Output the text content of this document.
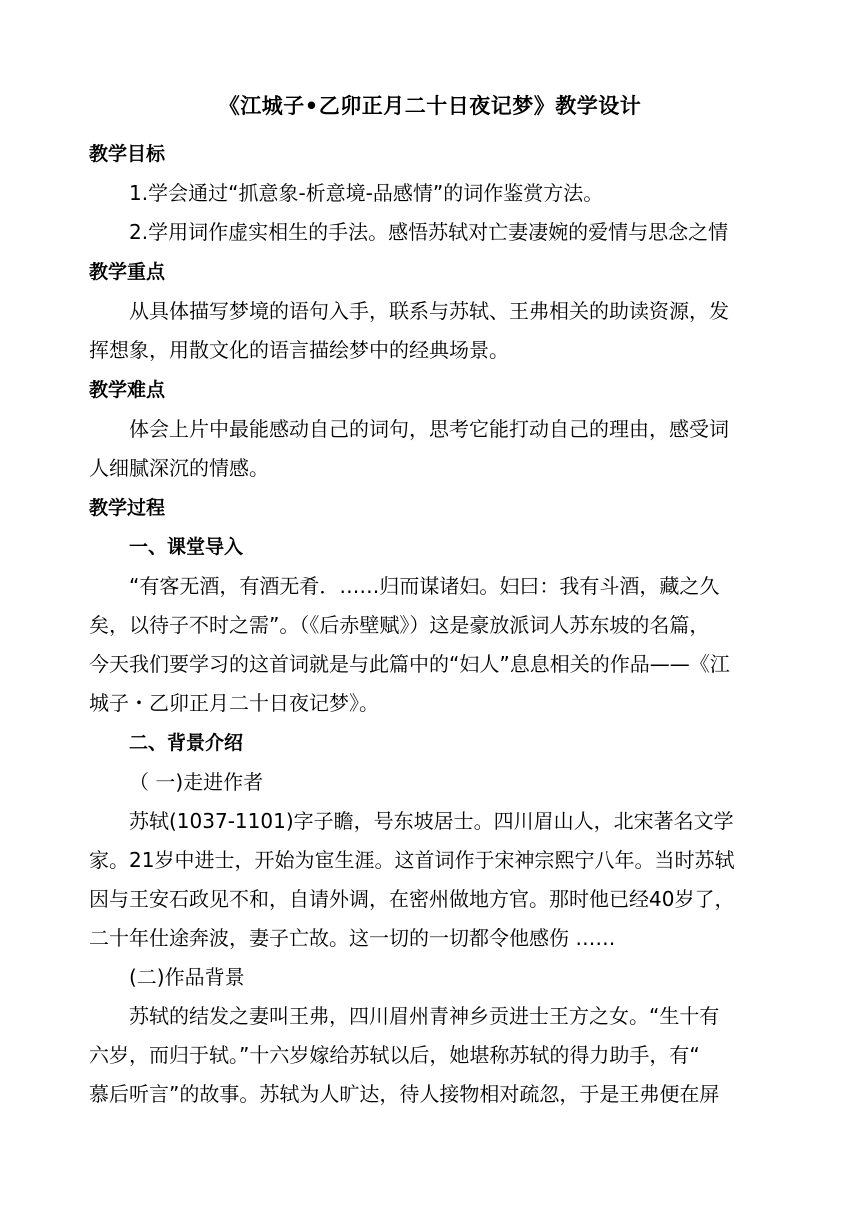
《江城子•乙卯正月二十日夜记梦》教学设计
教学目标
1.学会通过“抓意象-析意境-品感情”的词作鉴赏方法。
2.学用词作虚实相生的手法。感悟苏轼对亡妻凄婉的爱情与思念之情
教学重点
从具体描写梦境的语句入手，联系与苏轼、王弗相关的助读资源，发
挥想象，用散文化的语言描绘梦中的经典场景。
教学难点
体会上片中最能感动自己的词句，思考它能打动自己的理由，感受词
人细腻深沉的情感。
教学过程
一、课堂导入
“有客无酒，有酒无肴．……归而谋诸妇。妇曰：我有斗酒，藏之久
矣，以待子不时之需”。（《后赤壁赋》）这是豪放派词人苏东坡的名篇，
今天我们要学习的这首词就是与此篇中的“妇人”息息相关的作品——《江
城子・乙卯正月二十日夜记梦》。
二、背景介绍
（ 一)走进作者
苏轼(1037-1101)字子瞻，号东坡居士。四川眉山人，北宋著名文学
家。21岁中进士，开始为宦生涯。这首词作于宋神宗熙宁八年。当时苏轼
因与王安石政见不和，自请外调，在密州做地方官。那时他已经40岁了，
二十年仕途奔波，妻子亡故。这一切的一切都令他感伤 ……
(二)作品背景
苏轼的结发之妻叫王弗，四川眉州青神乡贡进士王方之女。“生十有
六岁，而归于轼。”十六岁嫁给苏轼以后，她堪称苏轼的得力助手，有“
慕后听言”的故事。苏轼为人旷达，待人接物相对疏忽，于是王弗便在屏
